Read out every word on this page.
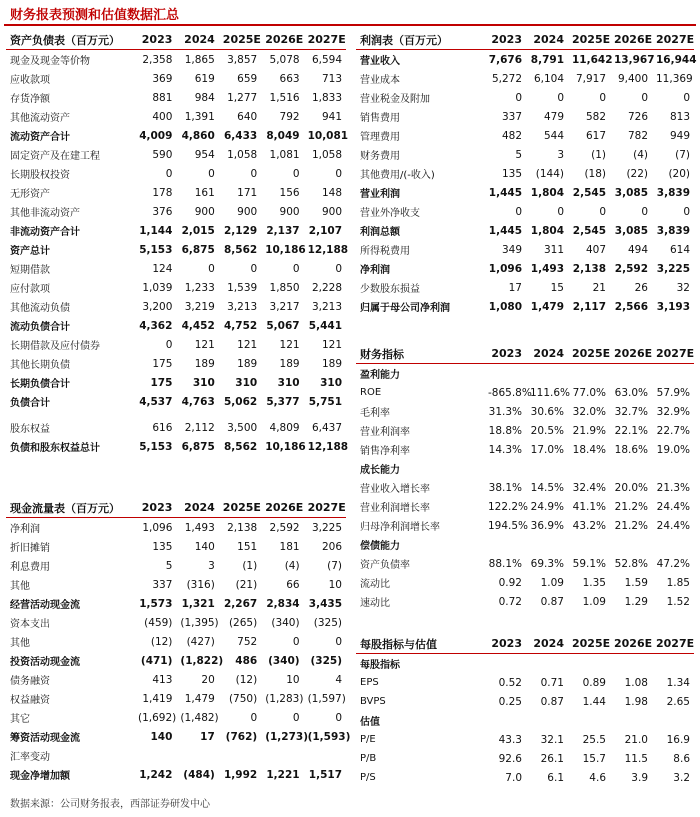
财务报表预测和估值数据汇总
资产负债表（百万元）	2023	2024	2025E	2026E	2027E
现金及现金等价物	2,358	1,865	3,857	5,078	6,594
应收款项	369	619	659	663	713
存货净额	881	984	1,277	1,516	1,833
其他流动资产	400	1,391	640	792	941
流动资产合计	4,009	4,860	6,433	8,049	10,081
固定资产及在建工程	590	954	1,058	1,081	1,058
长期股权投资	0	0	0	0	0
无形资产	178	161	171	156	148
其他非流动资产	376	900	900	900	900
非流动资产合计	1,144	2,015	2,129	2,137	2,107
资产总计	5,153	6,875	8,562	10,186	12,188
短期借款	124	0	0	0	0
应付款项	1,039	1,233	1,539	1,850	2,228
其他流动负债	3,200	3,219	3,213	3,217	3,213
流动负债合计	4,362	4,452	4,752	5,067	5,441
长期借款及应付债券	0	121	121	121	121
其他长期负债	175	189	189	189	189
长期负债合计	175	310	310	310	310
负债合计	4,537	4,763	5,062	5,377	5,751

股东权益	616	2,112	3,500	4,809	6,437
负债和股东权益总计	5,153	6,875	8,562	10,186	12,188
利润表（百万元）	2023	2024	2025E	2026E	2027E
营业收入	7,676	8,791	11,642	13,967	16,944
营业成本	5,272	6,104	7,917	9,400	11,369
营业税金及附加	0	0	0	0	0
销售费用	337	479	582	726	813
管理费用	482	544	617	782	949
财务费用	5	3	(1)	(4)	(7)
其他费用/(-收入)	135	(144)	(18)	(22)	(20)
营业利润	1,445	1,804	2,545	3,085	3,839
营业外净收支	0	0	0	0	0
利润总额	1,445	1,804	2,545	3,085	3,839
所得税费用	349	311	407	494	614
净利润	1,096	1,493	2,138	2,592	3,225
少数股东损益	17	15	21	26	32
归属于母公司净利润	1,080	1,479	2,117	2,566	3,193
财务指标	2023	2024	2025E	2026E	2027E
盈利能力					
ROE	-865.8%	111.6%	77.0%	63.0%	57.9%
毛利率	31.3%	30.6%	32.0%	32.7%	32.9%
营业利润率	18.8%	20.5%	21.9%	22.1%	22.7%
销售净利率	14.3%	17.0%	18.4%	18.6%	19.0%
成长能力					
营业收入增长率	38.1%	14.5%	32.4%	20.0%	21.3%
营业利润增长率	122.2%	24.9%	41.1%	21.2%	24.4%
归母净利润增长率	194.5%	36.9%	43.2%	21.2%	24.4%
偿债能力					
资产负债率	88.1%	69.3%	59.1%	52.8%	47.2%
流动比	0.92	1.09	1.35	1.59	1.85
速动比	0.72	0.87	1.09	1.29	1.52
现金流量表（百万元）	2023	2024	2025E	2026E	2027E
净利润	1,096	1,493	2,138	2,592	3,225
折旧摊销	135	140	151	181	206
利息费用	5	3	(1)	(4)	(7)
其他	337	(316)	(21)	66	10
经营活动现金流	1,573	1,321	2,267	2,834	3,435
资本支出	(459)	(1,395)	(265)	(340)	(325)
其他	(12)	(427)	752	0	0
投资活动现金流	(471)	(1,822)	486	(340)	(325)
债务融资	413	20	(12)	10	4
权益融资	1,419	1,479	(750)	(1,283)	(1,597)
其它	(1,692)	(1,482)	0	0	0
筹资活动现金流	140	17	(762)	(1,273)	(1,593)
汇率变动					
现金净增加额	1,242	(484)	1,992	1,221	1,517
每股指标与估值	2023	2024	2025E	2026E	2027E
每股指标					
EPS	0.52	0.71	0.89	1.08	1.34
BVPS	0.25	0.87	1.44	1.98	2.65
估值					
P/E	43.3	32.1	25.5	21.0	16.9
P/B	92.6	26.1	15.7	11.5	8.6
P/S	7.0	6.1	4.6	3.9	3.2
数据来源：公司财务报表，西部证券研发中心
